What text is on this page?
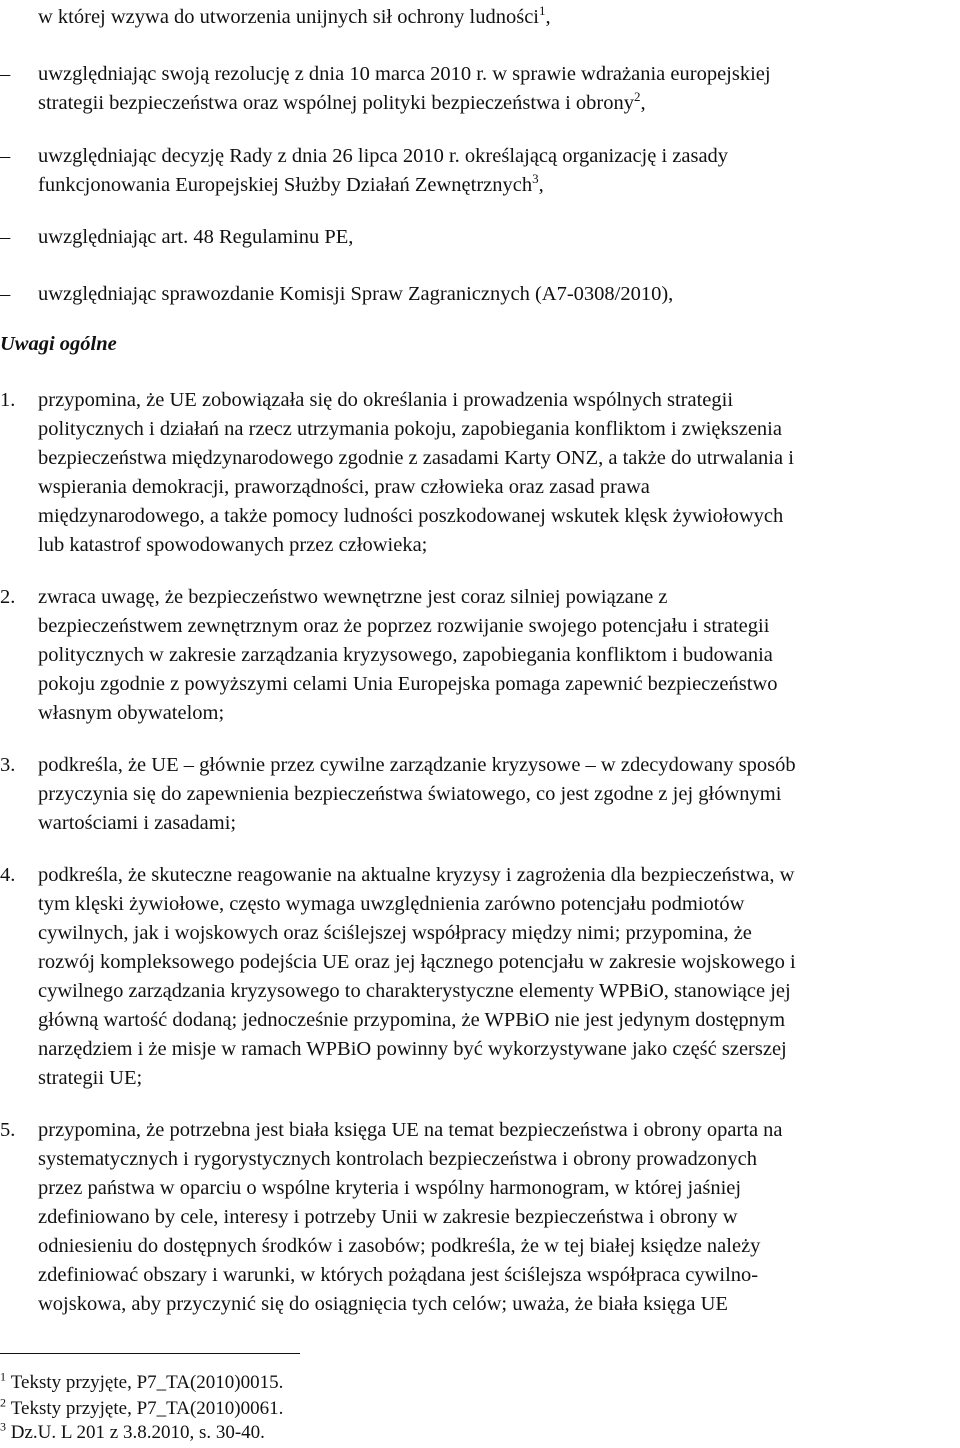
w której wzywa do utworzenia unijnych sił ochrony ludności$^1$,
– uwzględniając swoją rezolucję z dnia 10 marca 2010 r. w sprawie wdrażania europejskiej
strategii bezpieczeństwa oraz wspólnej polityki bezpieczeństwa i obrony$^2$,
– uwzględniając decyzję Rady z dnia 26 lipca 2010 r. określającą organizację i zasady
funkcjonowania Europejskiej Służby Działań Zewnętrznych$^3$,
– uwzględniając art. 48 Regulaminu PE,
– uwzględniając sprawozdanie Komisji Spraw Zagranicznych (A7-0308/2010),
Uwagi ogólne
1. przypomina, że UE zobowiązała się do określania i prowadzenia wspólnych strategii
politycznych i działań na rzecz utrzymania pokoju, zapobiegania konfliktom i zwiększenia
bezpieczeństwa międzynarodowego zgodnie z zasadami Karty ONZ, a także do utrwalania i
wspierania demokracji, praworządności, praw człowieka oraz zasad prawa
międzynarodowego, a także pomocy ludności poszkodowanej wskutek klęsk żywiołowych
lub katastrof spowodowanych przez człowieka;
2. zwraca uwagę, że bezpieczeństwo wewnętrzne jest coraz silniej powiązane z
bezpieczeństwem zewnętrznym oraz że poprzez rozwijanie swojego potencjału i strategii
politycznych w zakresie zarządzania kryzysowego, zapobiegania konfliktom i budowania
pokoju zgodnie z powyższymi celami Unia Europejska pomaga zapewnić bezpieczeństwo
własnym obywatelom;
3. podkreśla, że UE – głównie przez cywilne zarządzanie kryzysowe – w zdecydowany sposób
przyczynia się do zapewnienia bezpieczeństwa światowego, co jest zgodne z jej głównymi
wartościami i zasadami;
4. podkreśla, że skuteczne reagowanie na aktualne kryzysy i zagrożenia dla bezpieczeństwa, w
tym klęski żywiołowe, często wymaga uwzględnienia zarówno potencjału podmiotów
cywilnych, jak i wojskowych oraz ściślejszej współpracy między nimi; przypomina, że
rozwój kompleksowego podejścia UE oraz jej łącznego potencjału w zakresie wojskowego i
cywilnego zarządzania kryzysowego to charakterystyczne elementy WPBiO, stanowiące jej
główną wartość dodaną; jednocześnie przypomina, że WPBiO nie jest jedynym dostępnym
narzędziem i że misje w ramach WPBiO powinny być wykorzystywane jako część szerszej
strategii UE;
5. przypomina, że potrzebna jest biała księga UE na temat bezpieczeństwa i obrony oparta na
systematycznych i rygorystycznych kontrolach bezpieczeństwa i obrony prowadzonych
przez państwa w oparciu o wspólne kryteria i wspólny harmonogram, w której jaśniej
zdefiniowano by cele, interesy i potrzeby Unii w zakresie bezpieczeństwa i obrony w
odniesieniu do dostępnych środków i zasobów; podkreśla, że w tej białej księdze należy
zdefiniować obszary i warunki, w których pożądana jest ściślejsza współpraca cywilno-
wojskowa, aby przyczynić się do osiągnięcia tych celów; uważa, że biała księga UE
$^1$ Teksty przyjęte, P7_TA(2010)0015.
$^2$ Teksty przyjęte, P7_TA(2010)0061.
$^3$ Dz.U. L 201 z 3.8.2010, s. 30-40.
